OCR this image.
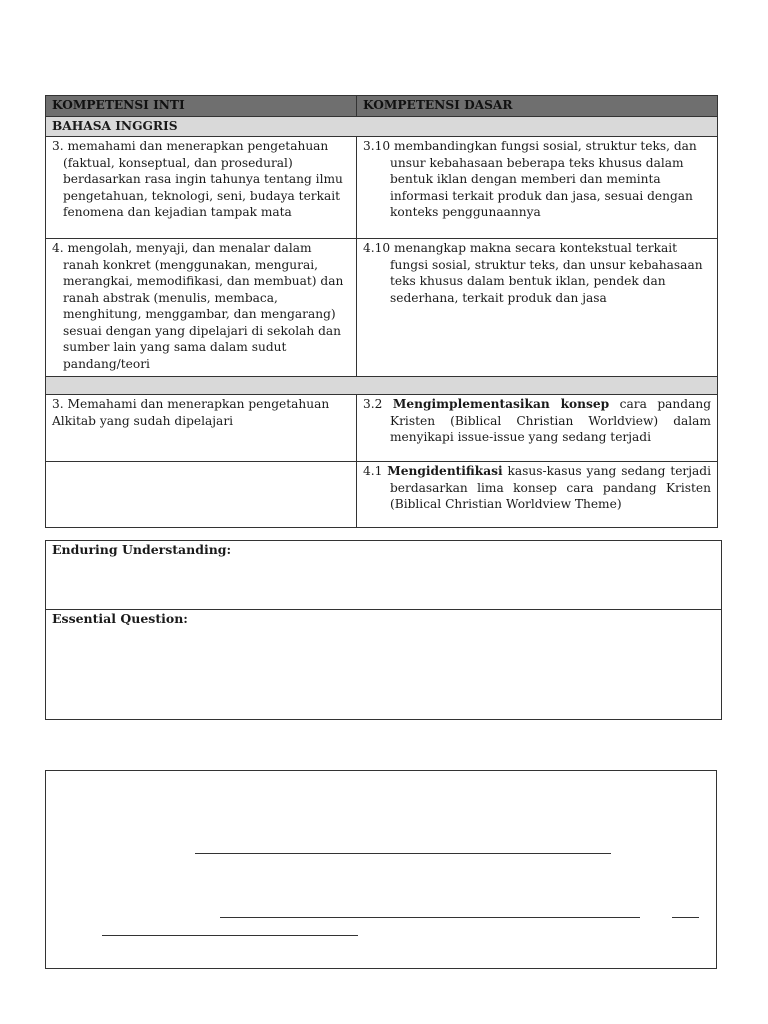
KOMPETENSI INTI	KOMPETENSI DASAR
BAHASA INGGRIS	

3. memahami dan menerapkan pengetahuan (faktual, konseptual, dan prosedural) berdasarkan rasa ingin tahunya tentang ilmu pengetahuan, teknologi, seni, budaya terkait fenomena dan kejadian tampak mata	3.10 membandingkan fungsi sosial, struktur teks, dan unsur kebahasaan beberapa teks khusus dalam bentuk iklan dengan memberi dan meminta informasi terkait produk dan jasa, sesuai dengan konteks penggunaannya

4. mengolah, menyaji, dan menalar dalam ranah konkret (menggunakan, mengurai, merangkai, memodifikasi, dan membuat) dan ranah abstrak (menulis, membaca, menghitung, menggambar, dan mengarang) sesuai dengan yang dipelajari di sekolah dan sumber lain yang sama dalam sudut pandang/teori	4.10 menangkap makna secara kontekstual terkait fungsi sosial, struktur teks, dan unsur kebahasaan teks khusus dalam bentuk iklan, pendek dan sederhana, terkait produk dan jasa

3. Memahami dan menerapkan pengetahuan Alkitab yang sudah dipelajari	3.2 Mengimplementasikan konsep cara pandang Kristen (Biblical Christian Worldview) dalam menyikapi issue-issue yang sedang terjadi

	4.1 Mengidentifikasi kasus-kasus yang sedang terjadi berdasarkan lima konsep cara pandang Kristen (Biblical Christian Worldview Theme)

Enduring Understanding:
Essential Question:
